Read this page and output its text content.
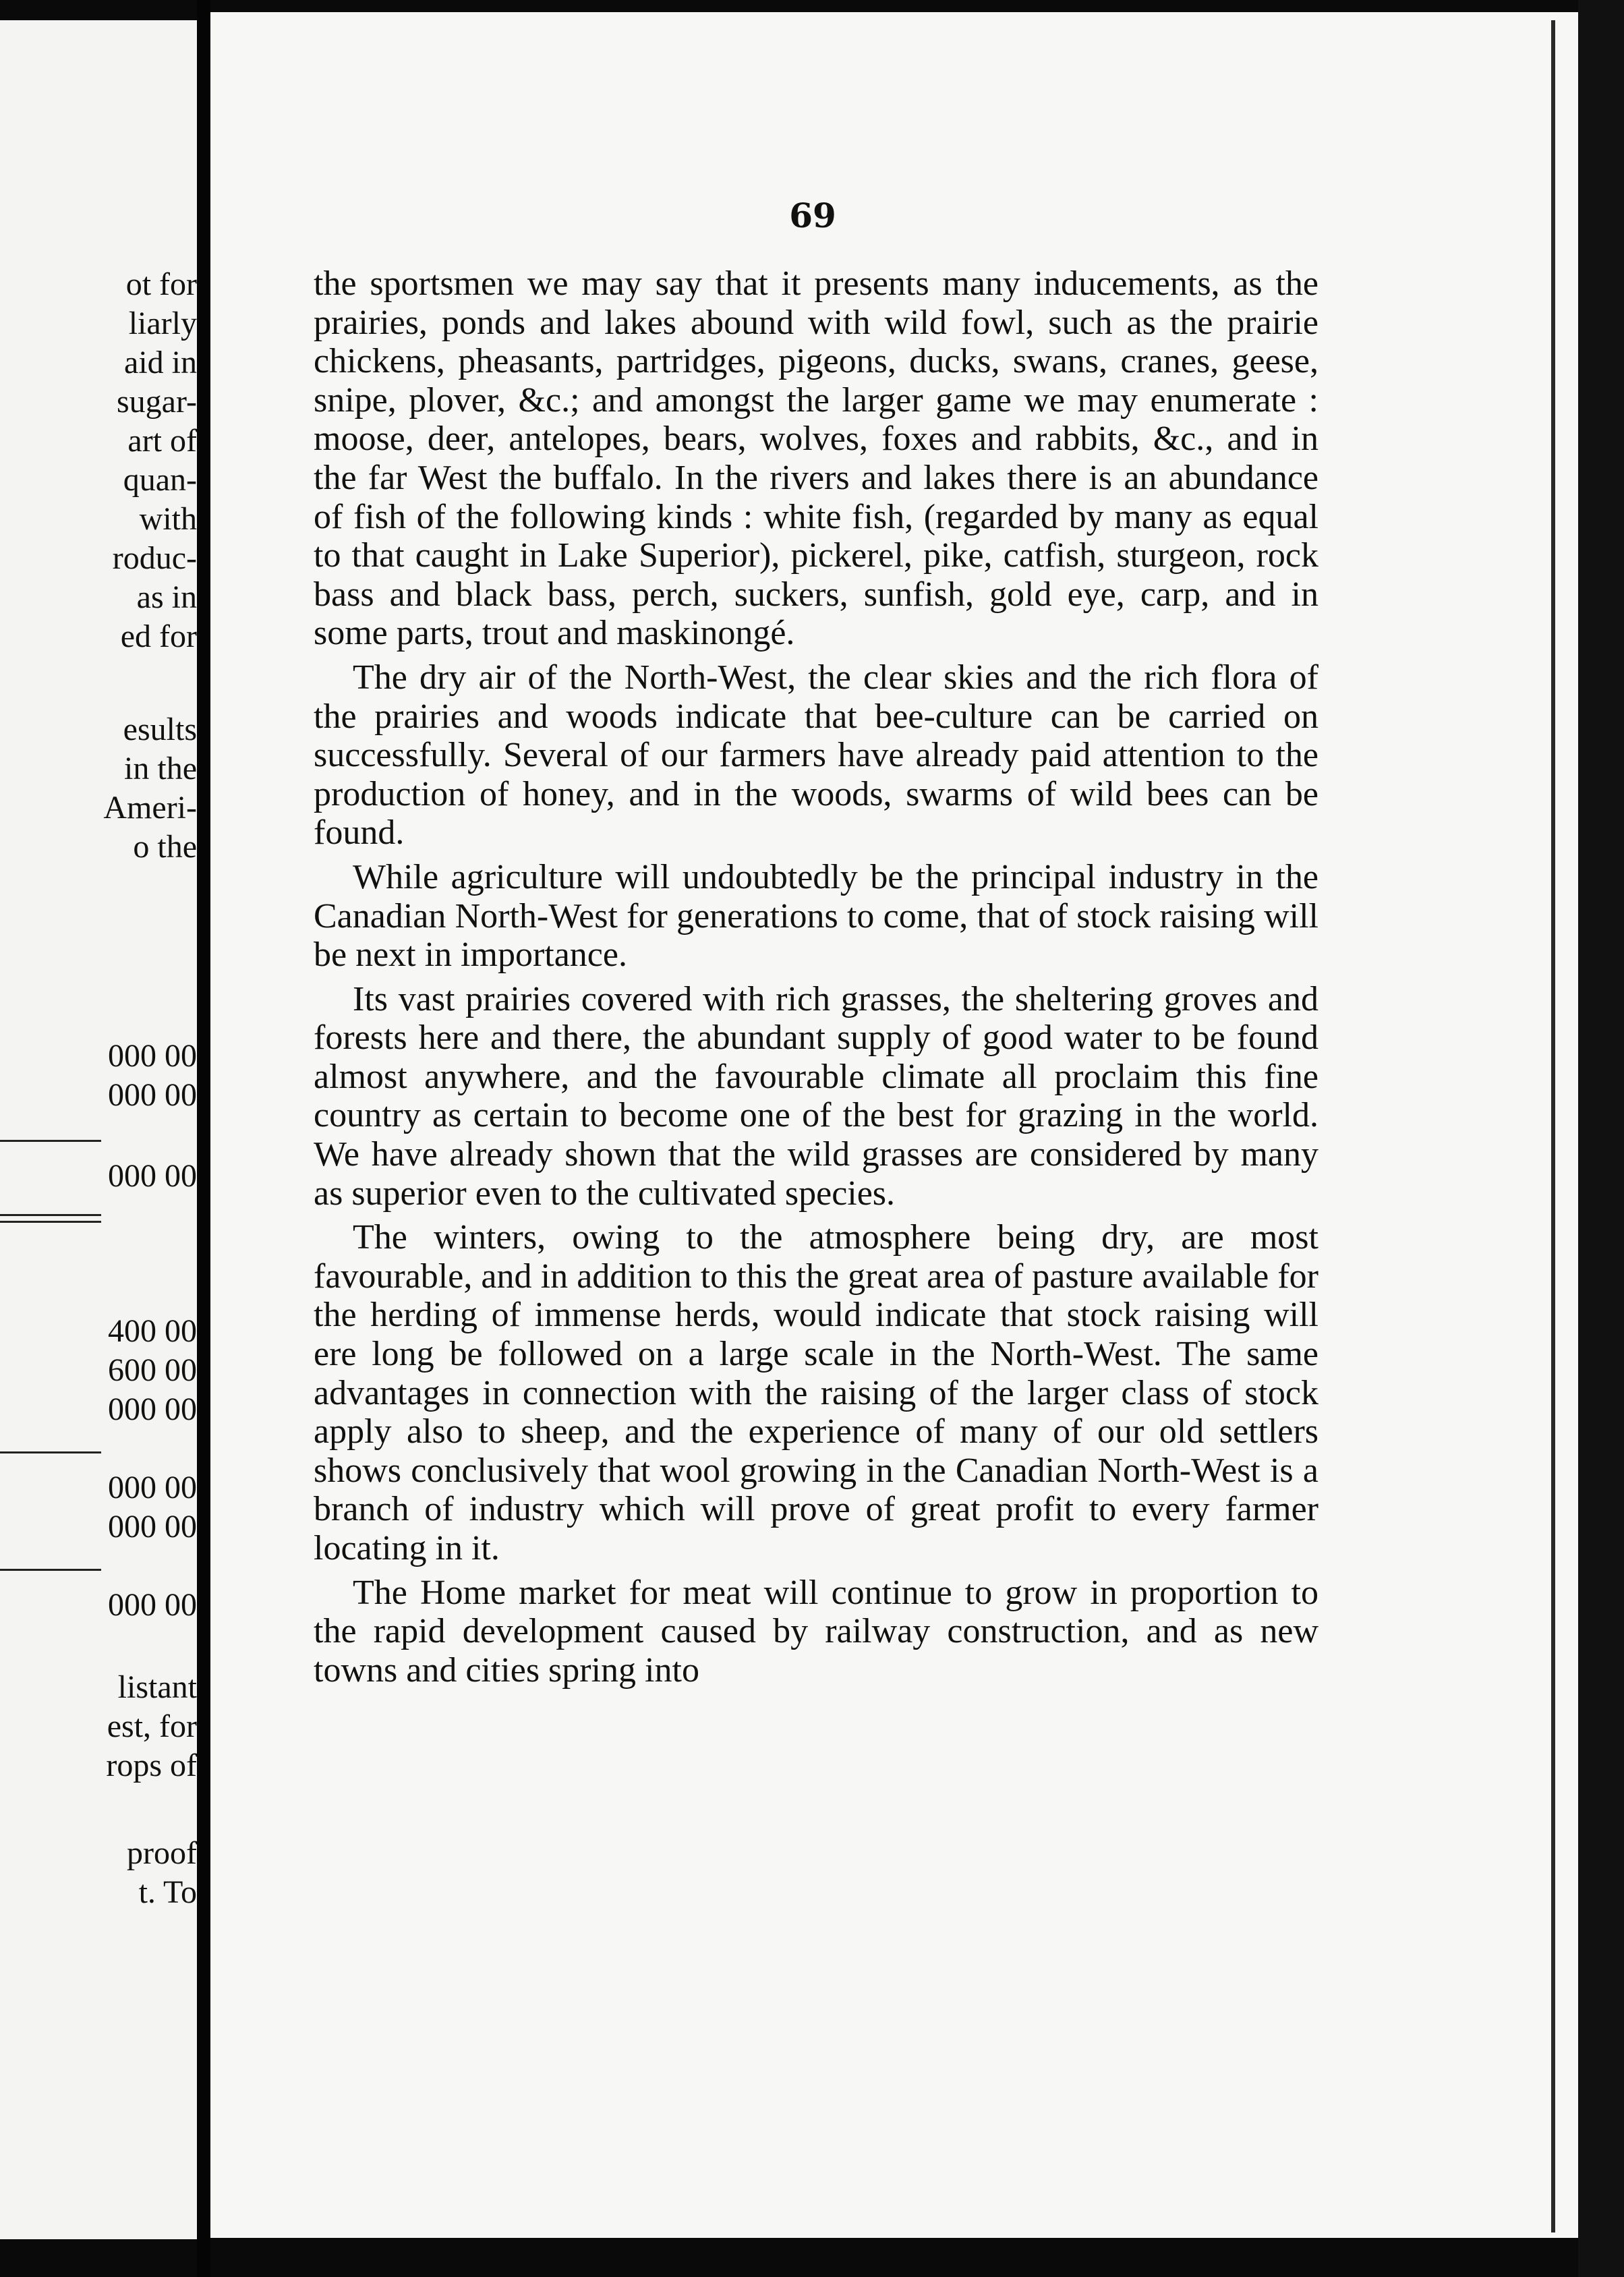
ot for
liarly
aid in
sugar-
art of
quan-
with
roduc-
as in
ed for
esults
in the
Ameri-
o the
000 00
000 00
000 00
400 00
600 00
000 00
000 00
000 00
000 00
listant
est, for
rops of
proof
t. To
69

the sportsmen we may say that it presents many inducements, as the prairies, ponds and lakes abound with wild fowl, such as the prairie chickens, pheasants, partridges, pigeons, ducks, swans, cranes, geese, snipe, plover, &c.; and amongst the larger game we may enumerate : moose, deer, antelopes, bears, wolves, foxes and rabbits, &c., and in the far West the buffalo. In the rivers and lakes there is an abundance of fish of the following kinds : white fish, (regarded by many as equal to that caught in Lake Superior), pickerel, pike, catfish, sturgeon, rock bass and black bass, perch, suckers, sunfish, gold eye, carp, and in some parts, trout and maskinongé.

The dry air of the North-West, the clear skies and the rich flora of the prairies and woods indicate that bee-culture can be carried on successfully. Several of our farmers have already paid attention to the production of honey, and in the woods, swarms of wild bees can be found.

While agriculture will undoubtedly be the principal industry in the Canadian North-West for generations to come, that of stock raising will be next in importance.

Its vast prairies covered with rich grasses, the sheltering groves and forests here and there, the abundant supply of good water to be found almost anywhere, and the favourable climate all proclaim this fine country as certain to become one of the best for grazing in the world. We have already shown that the wild grasses are considered by many as superior even to the cultivated species.

The winters, owing to the atmosphere being dry, are most favourable, and in addition to this the great area of pasture available for the herding of immense herds, would indicate that stock raising will ere long be followed on a large scale in the North-West. The same advantages in connection with the raising of the larger class of stock apply also to sheep, and the experience of many of our old settlers shows conclusively that wool growing in the Canadian North-West is a branch of industry which will prove of great profit to every farmer locating in it.

The Home market for meat will continue to grow in proportion to the rapid development caused by railway construction, and as new towns and cities spring into
